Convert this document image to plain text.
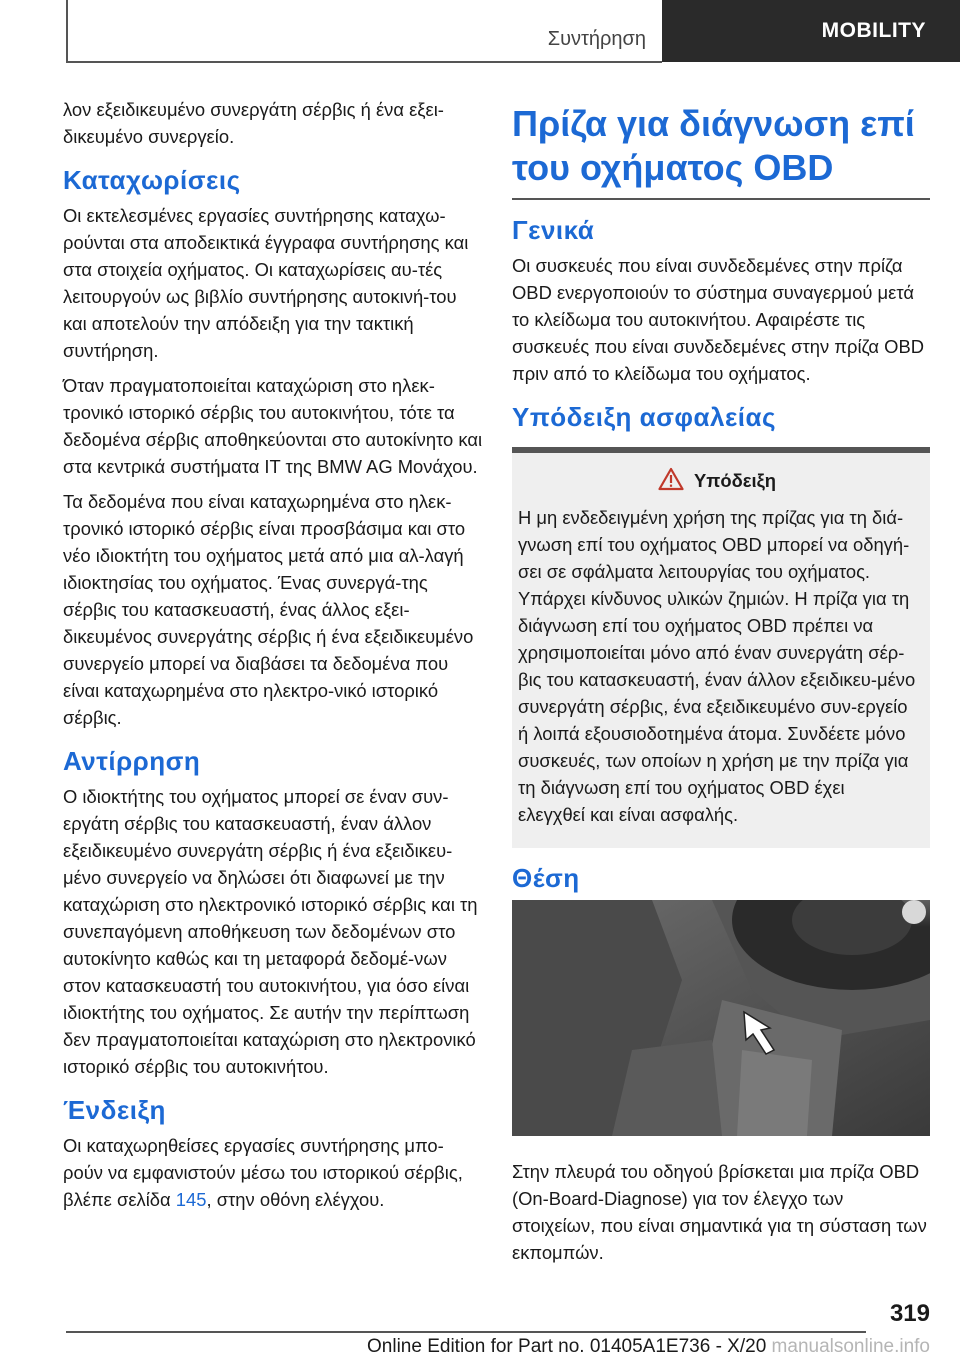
Συντήρηση	MOBILITY

λον εξειδικευμένο συνεργάτη σέρβις ή ένα εξει-δικευμένο συνεργείο.

Καταχωρίσεις

Οι εκτελεσμένες εργασίες συντήρησης καταχω-ρούνται στα αποδεικτικά έγγραφα συντήρησης και στα στοιχεία οχήματος. Οι καταχωρίσεις αυ-τές λειτουργούν ως βιβλίο συντήρησης αυτοκινή-του και αποτελούν την απόδειξη για την τακτική συντήρηση.

Όταν πραγματοποιείται καταχώριση στο ηλεκ-τρονικό ιστορικό σέρβις του αυτοκινήτου, τότε τα δεδομένα σέρβις αποθηκεύονται στο αυτοκίνητο και στα κεντρικά συστήματα IT της BMW AG Μονάχου.

Τα δεδομένα που είναι καταχωρημένα στο ηλεκ-τρονικό ιστορικό σέρβις είναι προσβάσιμα και στο νέο ιδιοκτήτη του οχήματος μετά από μια αλ-λαγή ιδιοκτησίας του οχήματος. Ένας συνεργά-της σέρβις του κατασκευαστή, ένας άλλος εξει-δικευμένος συνεργάτης σέρβις ή ένα εξειδικευμένο συνεργείο μπορεί να διαβάσει τα δεδομένα που είναι καταχωρημένα στο ηλεκτρο-νικό ιστορικό σέρβις.

Αντίρρηση

Ο ιδιοκτήτης του οχήματος μπορεί σε έναν συν-εργάτη σέρβις του κατασκευαστή, έναν άλλον εξειδικευμένο συνεργάτη σέρβις ή ένα εξειδικευ-μένο συνεργείο να δηλώσει ότι διαφωνεί με την καταχώριση στο ηλεκτρονικό ιστορικό σέρβις και τη συνεπαγόμενη αποθήκευση των δεδομένων στο αυτοκίνητο καθώς και τη μεταφορά δεδομέ-νων στον κατασκευαστή του αυτοκινήτου, για όσο είναι ιδιοκτήτης του οχήματος. Σε αυτήν την περίπτωση δεν πραγματοποιείται καταχώριση στο ηλεκτρονικό ιστορικό σέρβις του αυτοκινήτου.

Ένδειξη

Οι καταχωρηθείσες εργασίες συντήρησης μπο-ρούν να εμφανιστούν μέσω του ιστορικού σέρβις, βλέπε σελίδα 145, στην οθόνη ελέγχου.

Πρίζα για διάγνωση επί του οχήματος OBD
Γενικά

Οι συσκευές που είναι συνδεδεμένες στην πρίζα OBD ενεργοποιούν το σύστημα συναγερμού μετά το κλείδωμα του αυτοκινήτου. Αφαιρέστε τις συσκευές που είναι συνδεδεμένες στην πρίζα OBD πριν από το κλείδωμα του οχήματος.

Υπόδειξη ασφαλείας
Υπόδειξη

Η μη ενδεδειγμένη χρήση της πρίζας για τη διά-γνωση επί του οχήματος OBD μπορεί να οδηγή-σει σε σφάλματα λειτουργίας του οχήματος. Υπάρχει κίνδυνος υλικών ζημιών. Η πρίζα για τη διάγνωση επί του οχήματος OBD πρέπει να χρησιμοποιείται μόνο από έναν συνεργάτη σέρ-βις του κατασκευαστή, έναν άλλον εξειδικευ-μένο συνεργάτη σέρβις, ένα εξειδικευμένο συν-εργείο ή λοιπά εξουσιοδοτημένα άτομα. Συνδέετε μόνο συσκευές, των οποίων η χρήση με την πρίζα για τη διάγνωση επί του οχήματος OBD έχει ελεγχθεί και είναι ασφαλής.

Θέση

Στην πλευρά του οδηγού βρίσκεται μια πρίζα OBD (On-Board-Diagnose) για τον έλεγχο των στοιχείων, που είναι σημαντικά για τη σύσταση των εκπομπών.

319
Online Edition for Part no. 01405A1E736 - X/20 manualsonline.info
